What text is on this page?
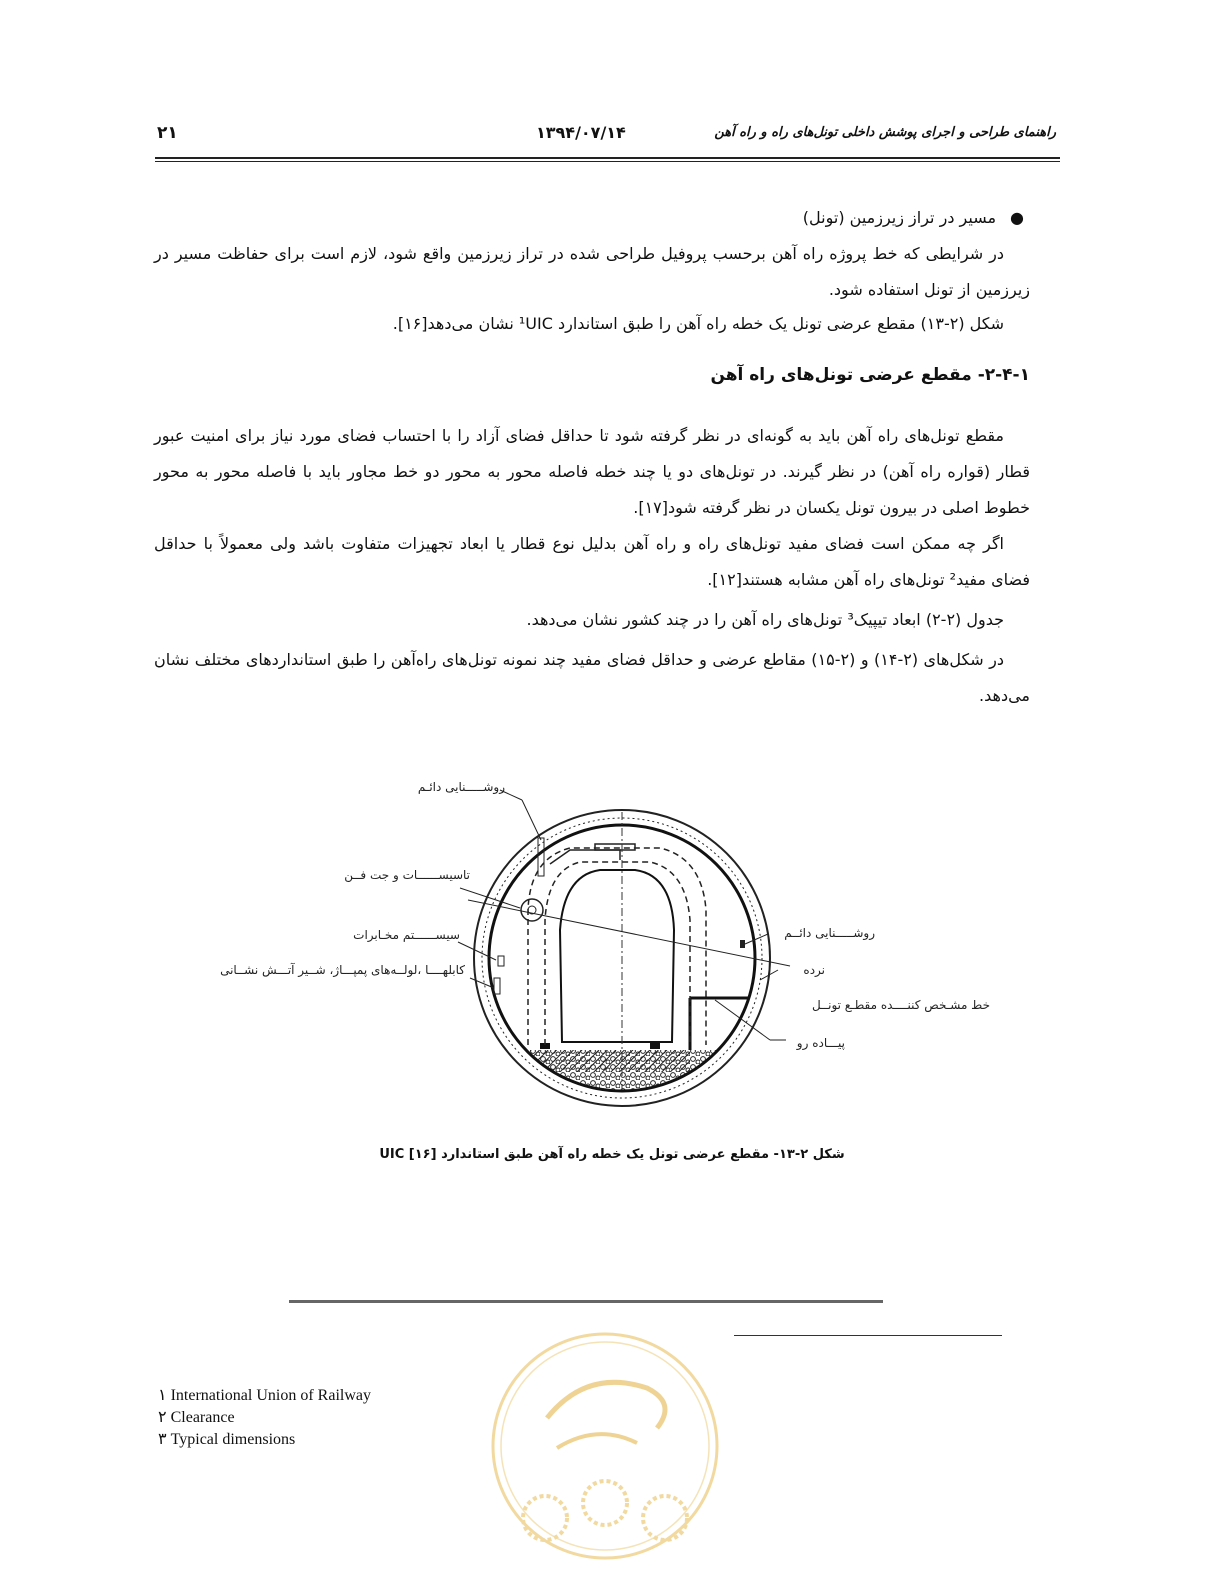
راهنمای طراحی و اجرای پوشش داخلی تونل‌های راه و راه آهن
۱۳۹۴/۰۷/۱۴
۲۱
●مسیر در تراز زیرزمین (تونل)

در شرایطی که خط پروژه راه آهن برحسب پروفیل طراحی شده در تراز زیرزمین واقع شود، لازم است برای حفاظت مسیر در زیرزمین از تونل استفاده شود.

شکل (۲-۱۳) مقطع عرضی تونل یک خطه راه آهن را طبق استاندارد ¹UIC نشان می‌دهد[۱۶].

۲-۴-۱- مقطع عرضی تونل‌های راه آهن

مقطع تونل‌های راه آهن باید به گونه‌ای در نظر گرفته شود تا حداقل فضای آزاد را با احتساب فضای مورد نیاز برای امنیت عبور قطار (قواره راه آهن) در نظر گیرند. در تونل‌های دو یا چند خطه فاصله محور به محور دو خط مجاور باید با فاصله محور به محور خطوط اصلی در بیرون تونل یکسان در نظر گرفته شود[۱۷].

اگر چه ممکن است فضای مفید تونل‌های راه و راه آهن بدلیل نوع قطار یا ابعاد تجهیزات متفاوت باشد ولی معمولاً با حداقل فضای مفید² تونل‌های راه آهن مشابه هستند[۱۲].

جدول (۲-۲) ابعاد تیپیک³ تونل‌های راه آهن را در چند کشور نشان می‌دهد.

در شکل‌های (۲-۱۴) و (۲-۱۵) مقاطع عرضی و حداقل فضای مفید چند نمونه تونل‌های راه‌آهن را طبق استانداردهای مختلف نشان می‌دهد.

روشـــــنایی دائـم
تاسیســــــات و جت فــن
سیســــــتم مخـابرات
کابلهــــا ،لولــه‌های پمپـــاژ، شــیر آتـــش نشــانی
روشـــــنایی دائــم
نرده
خط مشـخص کننــــده مقطـع تونــل
پیـــاده رو
شکل ۲-۱۳- مقطع عرضی تونل یک خطه راه آهن طبق استاندارد UIC [۱۶]
۱ International Union of Railway
۲ Clearance
۳ Typical dimensions
